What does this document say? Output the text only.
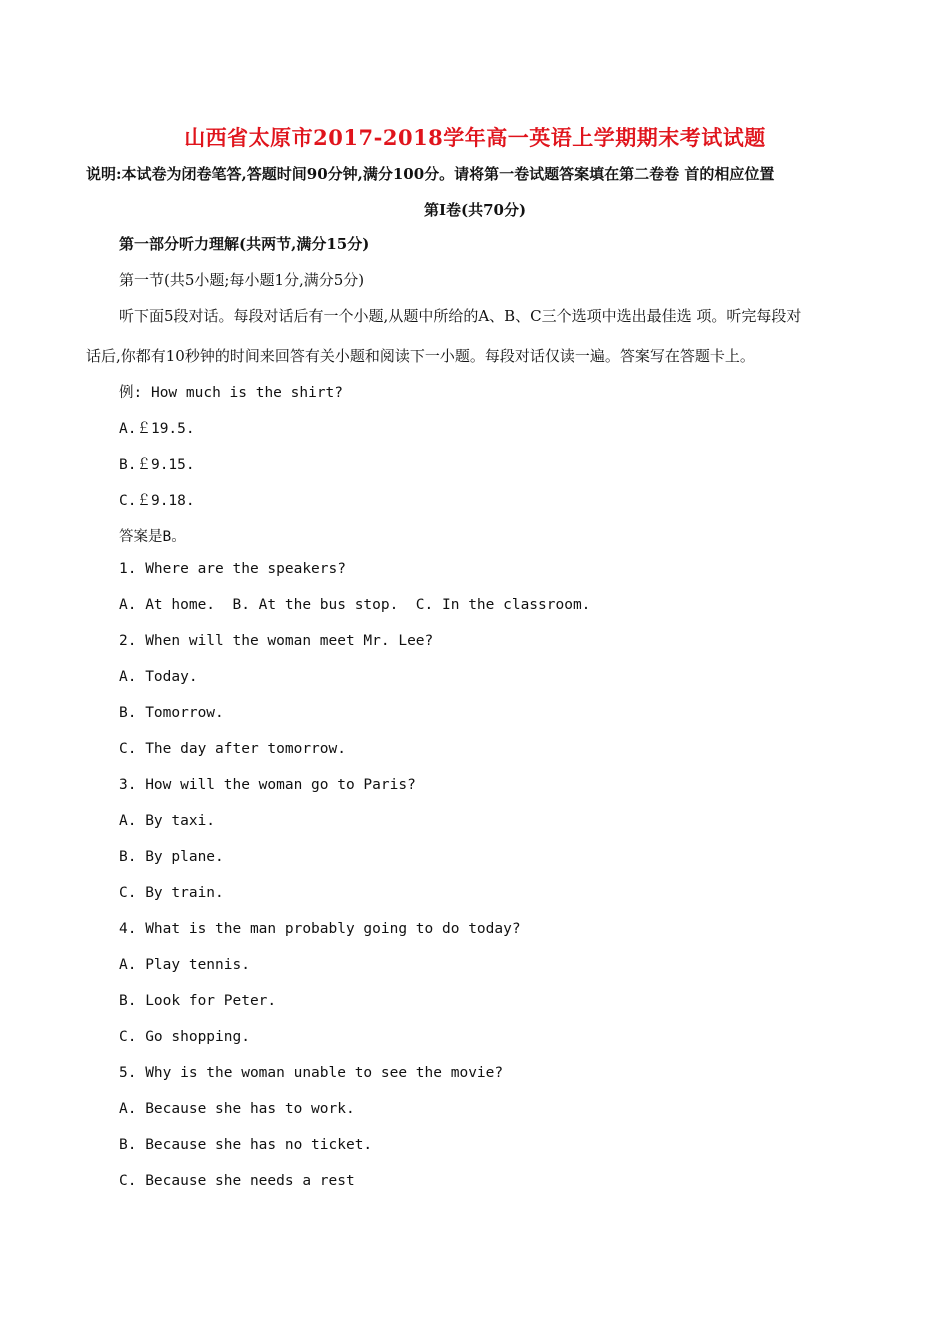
山西省太原市2017-2018学年高一英语上学期期末考试试题
说明:本试卷为闭卷笔答,答题时间90分钟,满分100分。请将第一卷试题答案填在第二卷卷 首的相应位置
第Ⅰ卷(共70分)
第一部分听力理解(共两节,满分15分)
第一节(共5小题;每小题1分,满分5分)
听下面5段对话。每段对话后有一个小题,从题中所给的A、B、C三个选项中选出最佳选 项。听完每段对
话后,你都有10秒钟的时间来回答有关小题和阅读下一小题。每段对话仅读一遍。答案写在答题卡上。
例: How much is the shirt?
A.￡19.5.
B.￡9.15.
C.￡9.18.
答案是B。
1. Where are the speakers?
A. At home.  B. At the bus stop.  C. In the classroom.
2. When will the woman meet Mr. Lee?
A. Today.
B. Tomorrow.
C. The day after tomorrow.
3. How will the woman go to Paris?
A. By taxi.
B. By plane.
C. By train.
4. What is the man probably going to do today?
A. Play tennis.
B. Look for Peter.
C. Go shopping.
5. Why is the woman unable to see the movie?
A. Because she has to work.
B. Because she has no ticket.
C. Because she needs a rest
